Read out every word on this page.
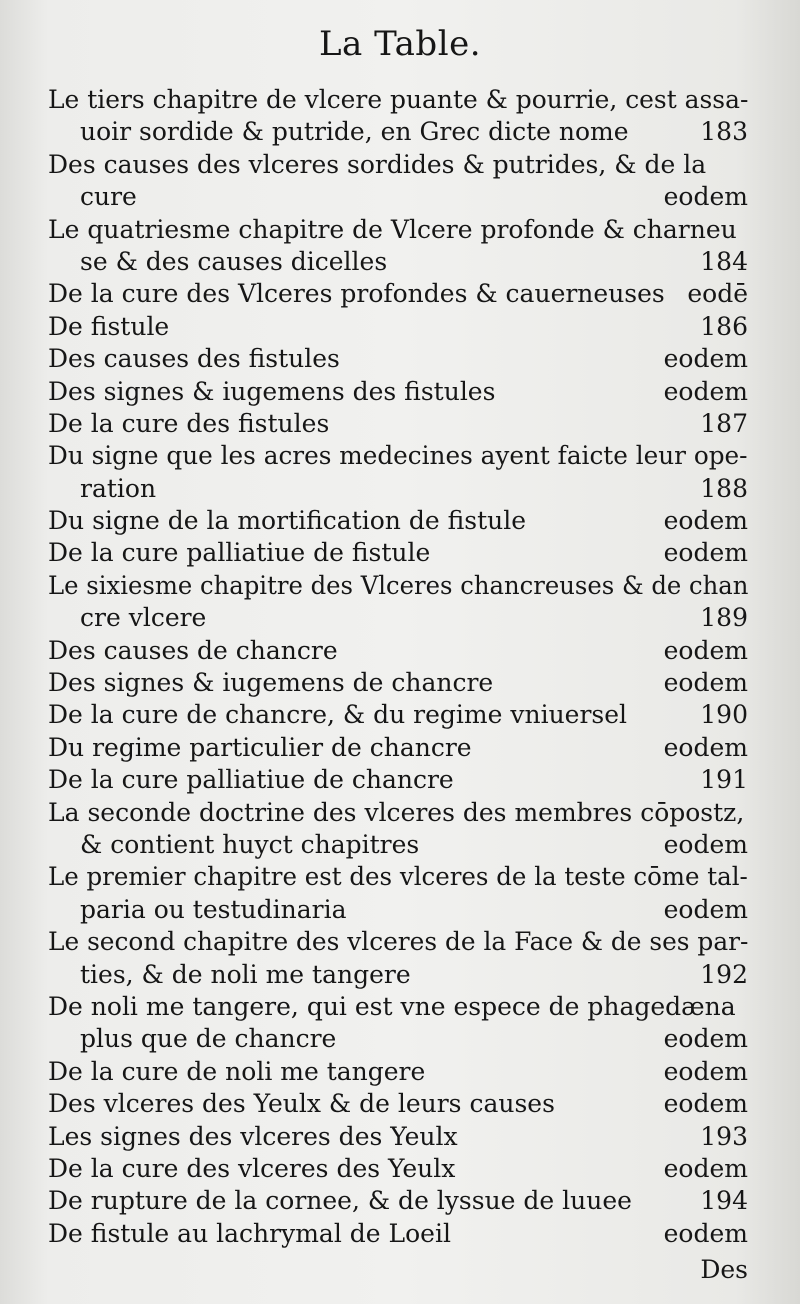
La Table.
Le tiers chapitre de vlcere puante & pourrie, cest assa-
uoir sordide & putride, en Grec dicte nome	183
Des causes des vlceres sordides & putrides, & de la
cure	eodem
Le quatriesme chapitre de Vlcere profonde & charneu
se & des causes dicelles	184
De la cure des Vlceres profondes & cauerneuses eodē
De fistule	186
Des causes des fistules	eodem
Des signes & iugemens des fistules	eodem
De la cure des fistules	187
Du signe que les acres medecines ayent faicte leur ope-
ration	188
Du signe de la mortification de fistule	eodem
De la cure palliatiue de fistule	eodem
Le sixiesme chapitre des Vlceres chancreuses & de chan
cre vlcere	189
Des causes de chancre	eodem
Des signes & iugemens de chancre	eodem
De la cure de chancre, & du regime vniuersel	190
Du regime particulier de chancre	eodem
De la cure palliatiue de chancre	191
La seconde doctrine des vlceres des membres cōpostz,
& contient huyct chapitres	eodem
Le premier chapitre est des vlceres de la teste cōme tal-
paria ou testudinaria	eodem
Le second chapitre des vlceres de la Face & de ses par-
ties, & de noli me tangere	192
De noli me tangere, qui est vne espece de phagedæna
plus que de chancre	eodem
De la cure de noli me tangere	eodem
Des vlceres des Yeulx & de leurs causes	eodem
Les signes des vlceres des Yeulx	193
De la cure des vlceres des Yeulx	eodem
De rupture de la cornee, & de lyssue de luuee	194
De fistule au lachrymal de Loeil	eodem
Des
